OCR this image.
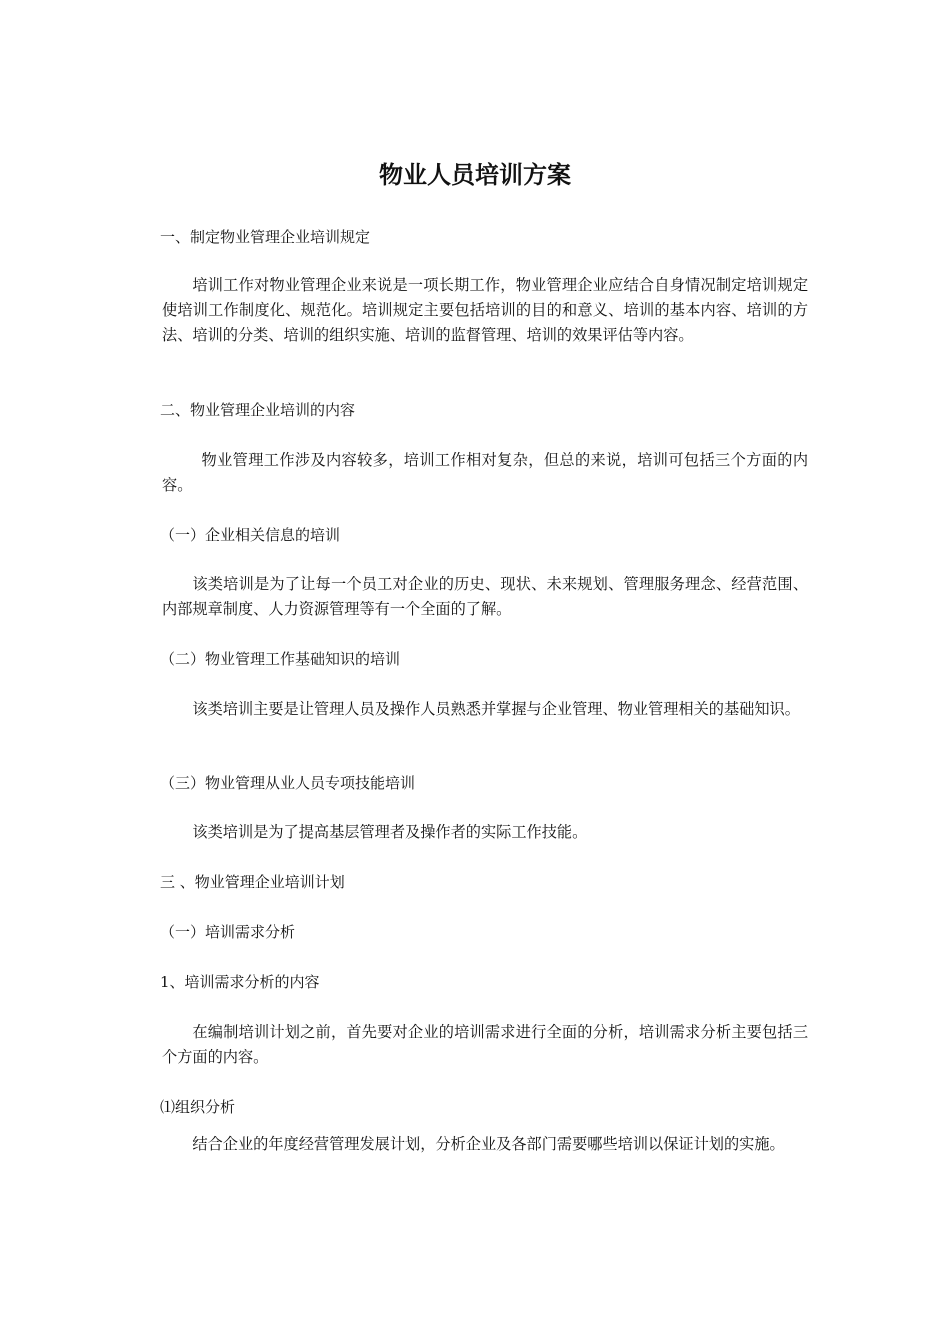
物业人员培训方案
一、制定物业管理企业培训规定
培训工作对物业管理企业来说是一项长期工作，物业管理企业应结合自身情况制定培训规定使培训工作制度化、规范化。培训规定主要包括培训的目的和意义、培训的基本内容、培训的方法、培训的分类、培训的组织实施、培训的监督管理、培训的效果评估等内容。
二、物业管理企业培训的内容
物业管理工作涉及内容较多，培训工作相对复杂，但总的来说，培训可包括三个方面的内容。
（一）企业相关信息的培训
该类培训是为了让每一个员工对企业的历史、现状、未来规划、管理服务理念、经营范围、内部规章制度、人力资源管理等有一个全面的了解。
（二）物业管理工作基础知识的培训
该类培训主要是让管理人员及操作人员熟悉并掌握与企业管理、物业管理相关的基础知识。
（三）物业管理从业人员专项技能培训
该类培训是为了提高基层管理者及操作者的实际工作技能。
三 、物业管理企业培训计划
（一）培训需求分析
1、培训需求分析的内容
在编制培训计划之前，首先要对企业的培训需求进行全面的分析，培训需求分析主要包括三个方面的内容。
⑴组织分析
结合企业的年度经营管理发展计划，分析企业及各部门需要哪些培训以保证计划的实施。
